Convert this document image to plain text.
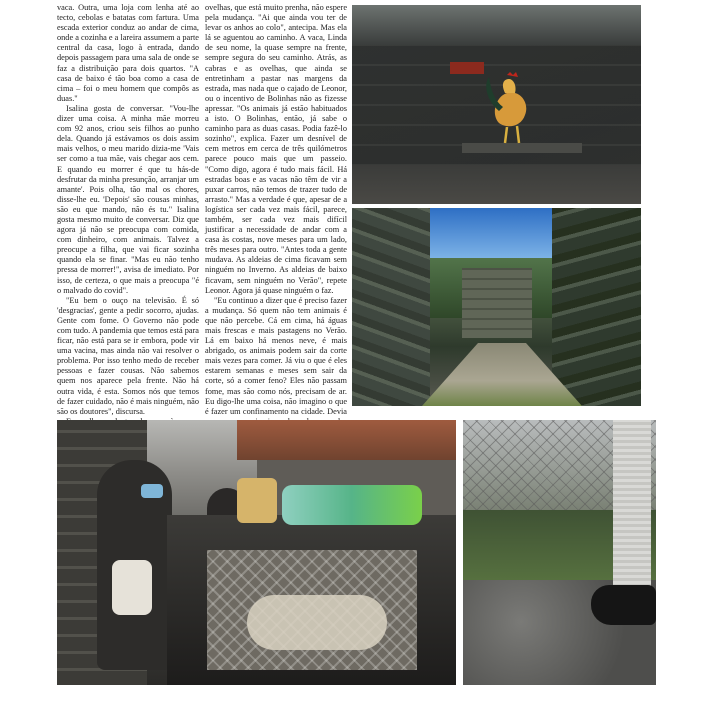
vaca. Outra, uma loja com lenha até ao tecto, cebolas e batatas com fartura. Uma escada exterior conduz ao andar de cima, onde a cozinha e a lareira assumem a parte central da casa, logo à entrada, dando depois passagem para uma sala de onde se faz a distribuição para dois quartos. "A casa de baixo é tão boa como a casa de cima – foi o meu homem que compôs as duas."

Isalina gosta de conversar. "Vou-lhe dizer uma coisa. A minha mãe morreu com 92 anos, criou seis filhos ao punho dela. Quando já estávamos os dois assim mais velhos, o meu marido dizia-me 'Vais ser como a tua mãe, vais chegar aos cem. E quando eu morrer é que tu hás-de desfrutar da minha presunção, arranjar um amante'. Pois olha, tão mal os chores, disse-lhe eu. 'Depois' são cousas minhas, são eu que mando, não és tu." Isalina gosta mesmo muito de conversar. Diz que agora já não se preocupa com comida, com dinheiro, com animais. Talvez a preocupe a filha, que vai ficar sozinha quando ela se finar. "Mas eu não tenho pressa de morrer!", avisa de imediato. Por isso, de certeza, o que mais a preocupa "é o malvado do covid".

"Eu bem o ouço na televisão. É só 'desgracias', gente a pedir socorro, ajudas. Gente com fome. O Governo não pode com tudo. A pandemia que temos está para ficar, não está para se ir embora, pode vir uma vacina, mas ainda não vai resolver o problema. Por isso tenho medo de receber pessoas e fazer cousas. Não sabemos quem nos aparece pela frente. Não há outra vida, é esta. Somos nós que temos de fazer cuidado, não é mais ninguém, não são os doutores", discursa.

ovelhas, que está muito prenha, não espere pela mudança. "Ai que ainda vou ter de levar os anhos ao colo", antecipa. Mas ela lá se aguentou ao caminho. A vaca, Linda de seu nome, la quase sempre na frente, sempre segura do seu caminho. Atrás, as cabras e as ovelhas, que ainda se entretinham a pastar nas margens da estrada, mas nada que o cajado de Leonor, ou o incentivo de Bolinhas não as fizesse apressar. "Os animais já estão habituados a isto. O Bolinhas, então, já sabe o caminho para as duas casas. Podia fazê-lo sozinho", explica. Fazer um desnível de cem metros em cerca de três quilómetros parece pouco mais que um passeio. "Como digo, agora é tudo mais fácil. Há estradas boas e as vacas não têm de vir a puxar carros, não temos de trazer tudo de arrasto." Mas a verdade é que, apesar de a logística ser cada vez mais fácil, parece, também, ser cada vez mais difícil justificar a necessidade de andar com a casa às costas, nove meses para um lado, três meses para outro. "Antes toda a gente mudava. As aldeias de cima ficavam sem ninguém no Inverno. As aldeias de baixo ficavam, sem ninguém no Verão", repete Leonor. Agora já quase ninguém o faz.

"Eu continuo a dizer que é preciso fazer a mudança. Só quem não tem animais é que não percebe. Cá em cima, há águas mais frescas e mais pastagens no Verão. Lá em baixo há menos neve, é mais abrigado, os animais podem sair da corte mais vezes para comer. Já viu o que é eles estarem semanas e meses sem sair da corte, só a comer feno? Eles não passam fome, mas são como nós, precisam de ar. Eu digo-lhe uma coisa, não imagino o que é fazer um confinamento na cidade. Devia
